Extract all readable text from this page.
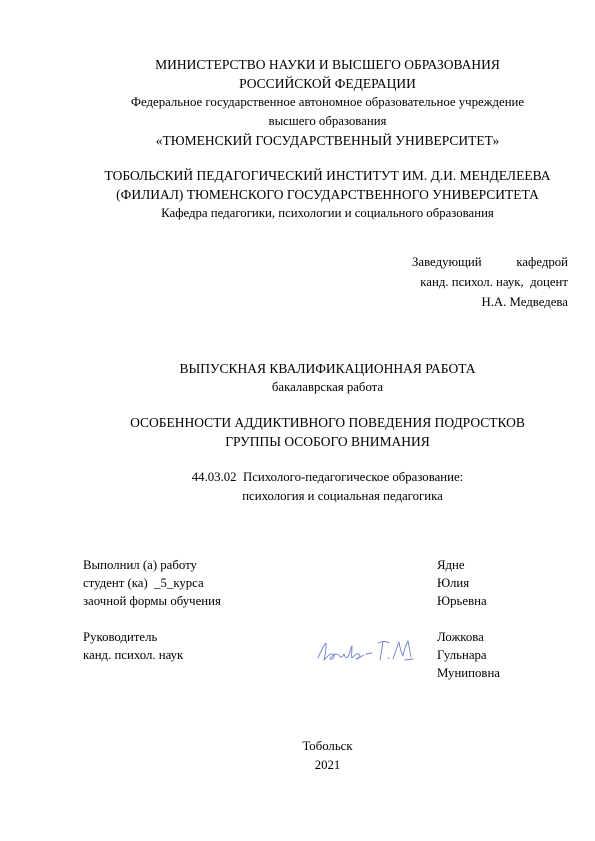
МИНИСТЕРСТВО НАУКИ И ВЫСШЕГО ОБРАЗОВАНИЯ
РОССИЙСКОЙ ФЕДЕРАЦИИ
Федеральное государственное автономное образовательное учреждение
высшего образования
«ТЮМЕНСКИЙ ГОСУДАРСТВЕННЫЙ УНИВЕРСИТЕТ»
ТОБОЛЬСКИЙ ПЕДАГОГИЧЕСКИЙ ИНСТИТУТ ИМ. Д.И. МЕНДЕЛЕЕВА
(ФИЛИАЛ) ТЮМЕНСКОГО ГОСУДАРСТВЕННОГО УНИВЕРСИТЕТА
Кафедра педагогики, психологии и социального образования
Заведующий	кафедрой
канд. психол. наук,  доцент
Н.А. Медведева
ВЫПУСКНАЯ КВАЛИФИКАЦИОННАЯ РАБОТА
бакалаврская работа
ОСОБЕННОСТИ АДДИКТИВНОГО ПОВЕДЕНИЯ ПОДРОСТКОВ
ГРУППЫ ОСОБОГО ВНИМАНИЯ
44.03.02  Психолого-педагогическое образование:
психология и социальная педагогика
Выполнил (а) работу
студент (ка)  _5_курса
заочной формы обучения
Ядне
Юлия
Юрьевна
Руководитель
канд. психол. наук
Ложкова
Гульнара
Муниповна
Тобольск
2021
